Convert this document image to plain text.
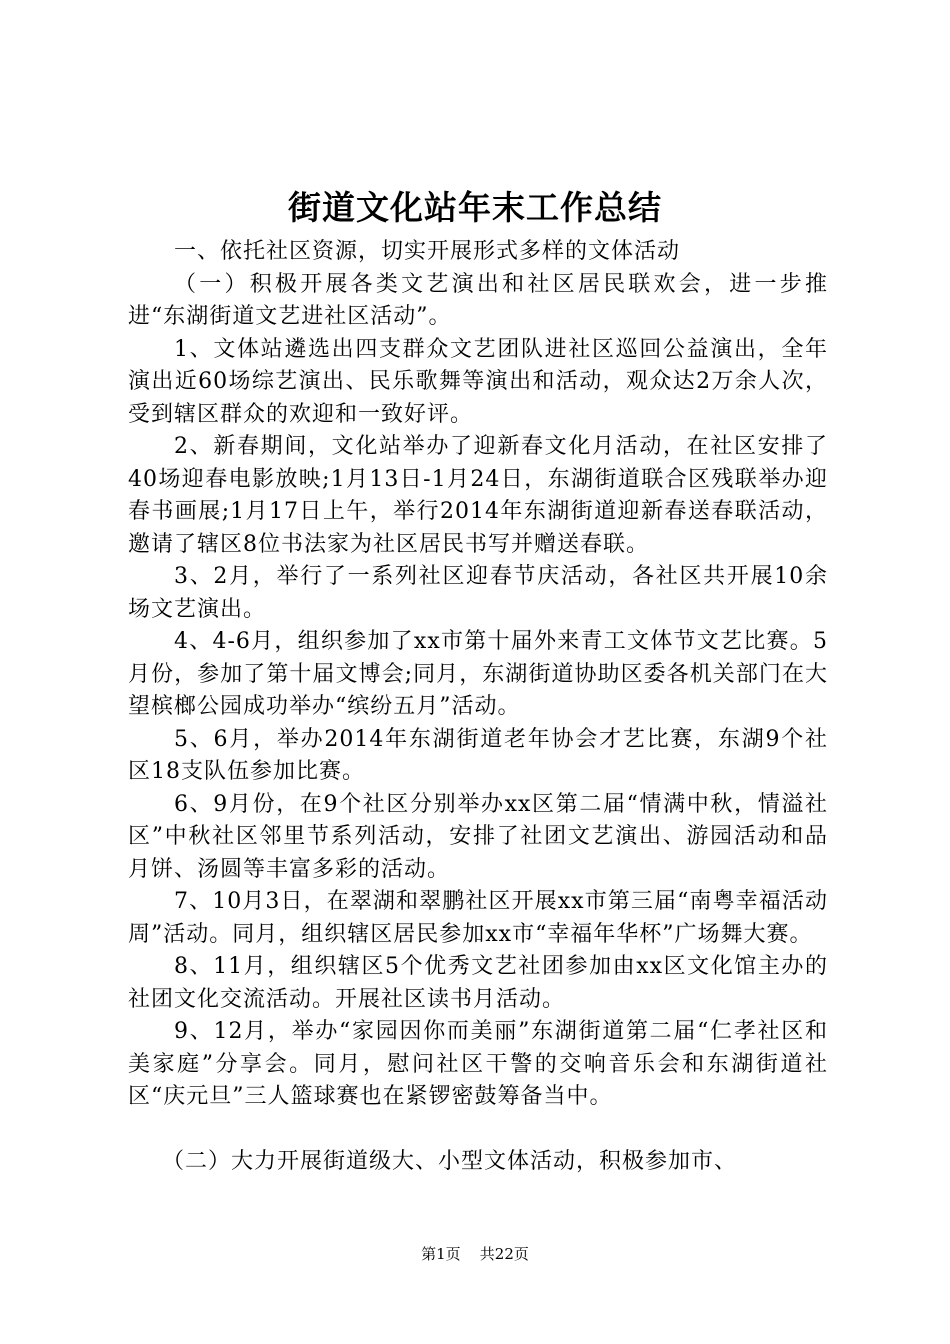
街道文化站年末工作总结

一、依托社区资源，切实开展形式多样的文体活动

（一）积极开展各类文艺演出和社区居民联欢会，进一步推进“东湖街道文艺进社区活动”。

1、文体站遴选出四支群众文艺团队进社区巡回公益演出，全年演出近60场综艺演出、民乐歌舞等演出和活动，观众达2万余人次，受到辖区群众的欢迎和一致好评。

2、新春期间，文化站举办了迎新春文化月活动，在社区安排了40场迎春电影放映;1月13日-1月24日，东湖街道联合区残联举办迎春书画展;1月17日上午，举行2014年东湖街道迎新春送春联活动，邀请了辖区8位书法家为社区居民书写并赠送春联。

3、2月，举行了一系列社区迎春节庆活动，各社区共开展10余场文艺演出。

4、4-6月，组织参加了xx市第十届外来青工文体节文艺比赛。5月份，参加了第十届文博会;同月，东湖街道协助区委各机关部门在大望槟榔公园成功举办“缤纷五月”活动。

5、6月，举办2014年东湖街道老年协会才艺比赛，东湖9个社区18支队伍参加比赛。

6、9月份，在9个社区分别举办xx区第二届“情满中秋，情溢社区”中秋社区邻里节系列活动，安排了社团文艺演出、游园活动和品月饼、汤圆等丰富多彩的活动。

7、10月3日，在翠湖和翠鹏社区开展xx市第三届“南粤幸福活动周”活动。同月，组织辖区居民参加xx市“幸福年华杯”广场舞大赛。

8、11月，组织辖区5个优秀文艺社团参加由xx区文化馆主办的社团文化交流活动。开展社区读书月活动。

9、12月，举办“家园因你而美丽”东湖街道第二届“仁孝社区和美家庭”分享会。同月，慰问社区干警的交响音乐会和东湖街道社区“庆元旦”三人篮球赛也在紧锣密鼓筹备当中。

（二）大力开展街道级大、小型文体活动，积极参加市、

第1页 共22页
